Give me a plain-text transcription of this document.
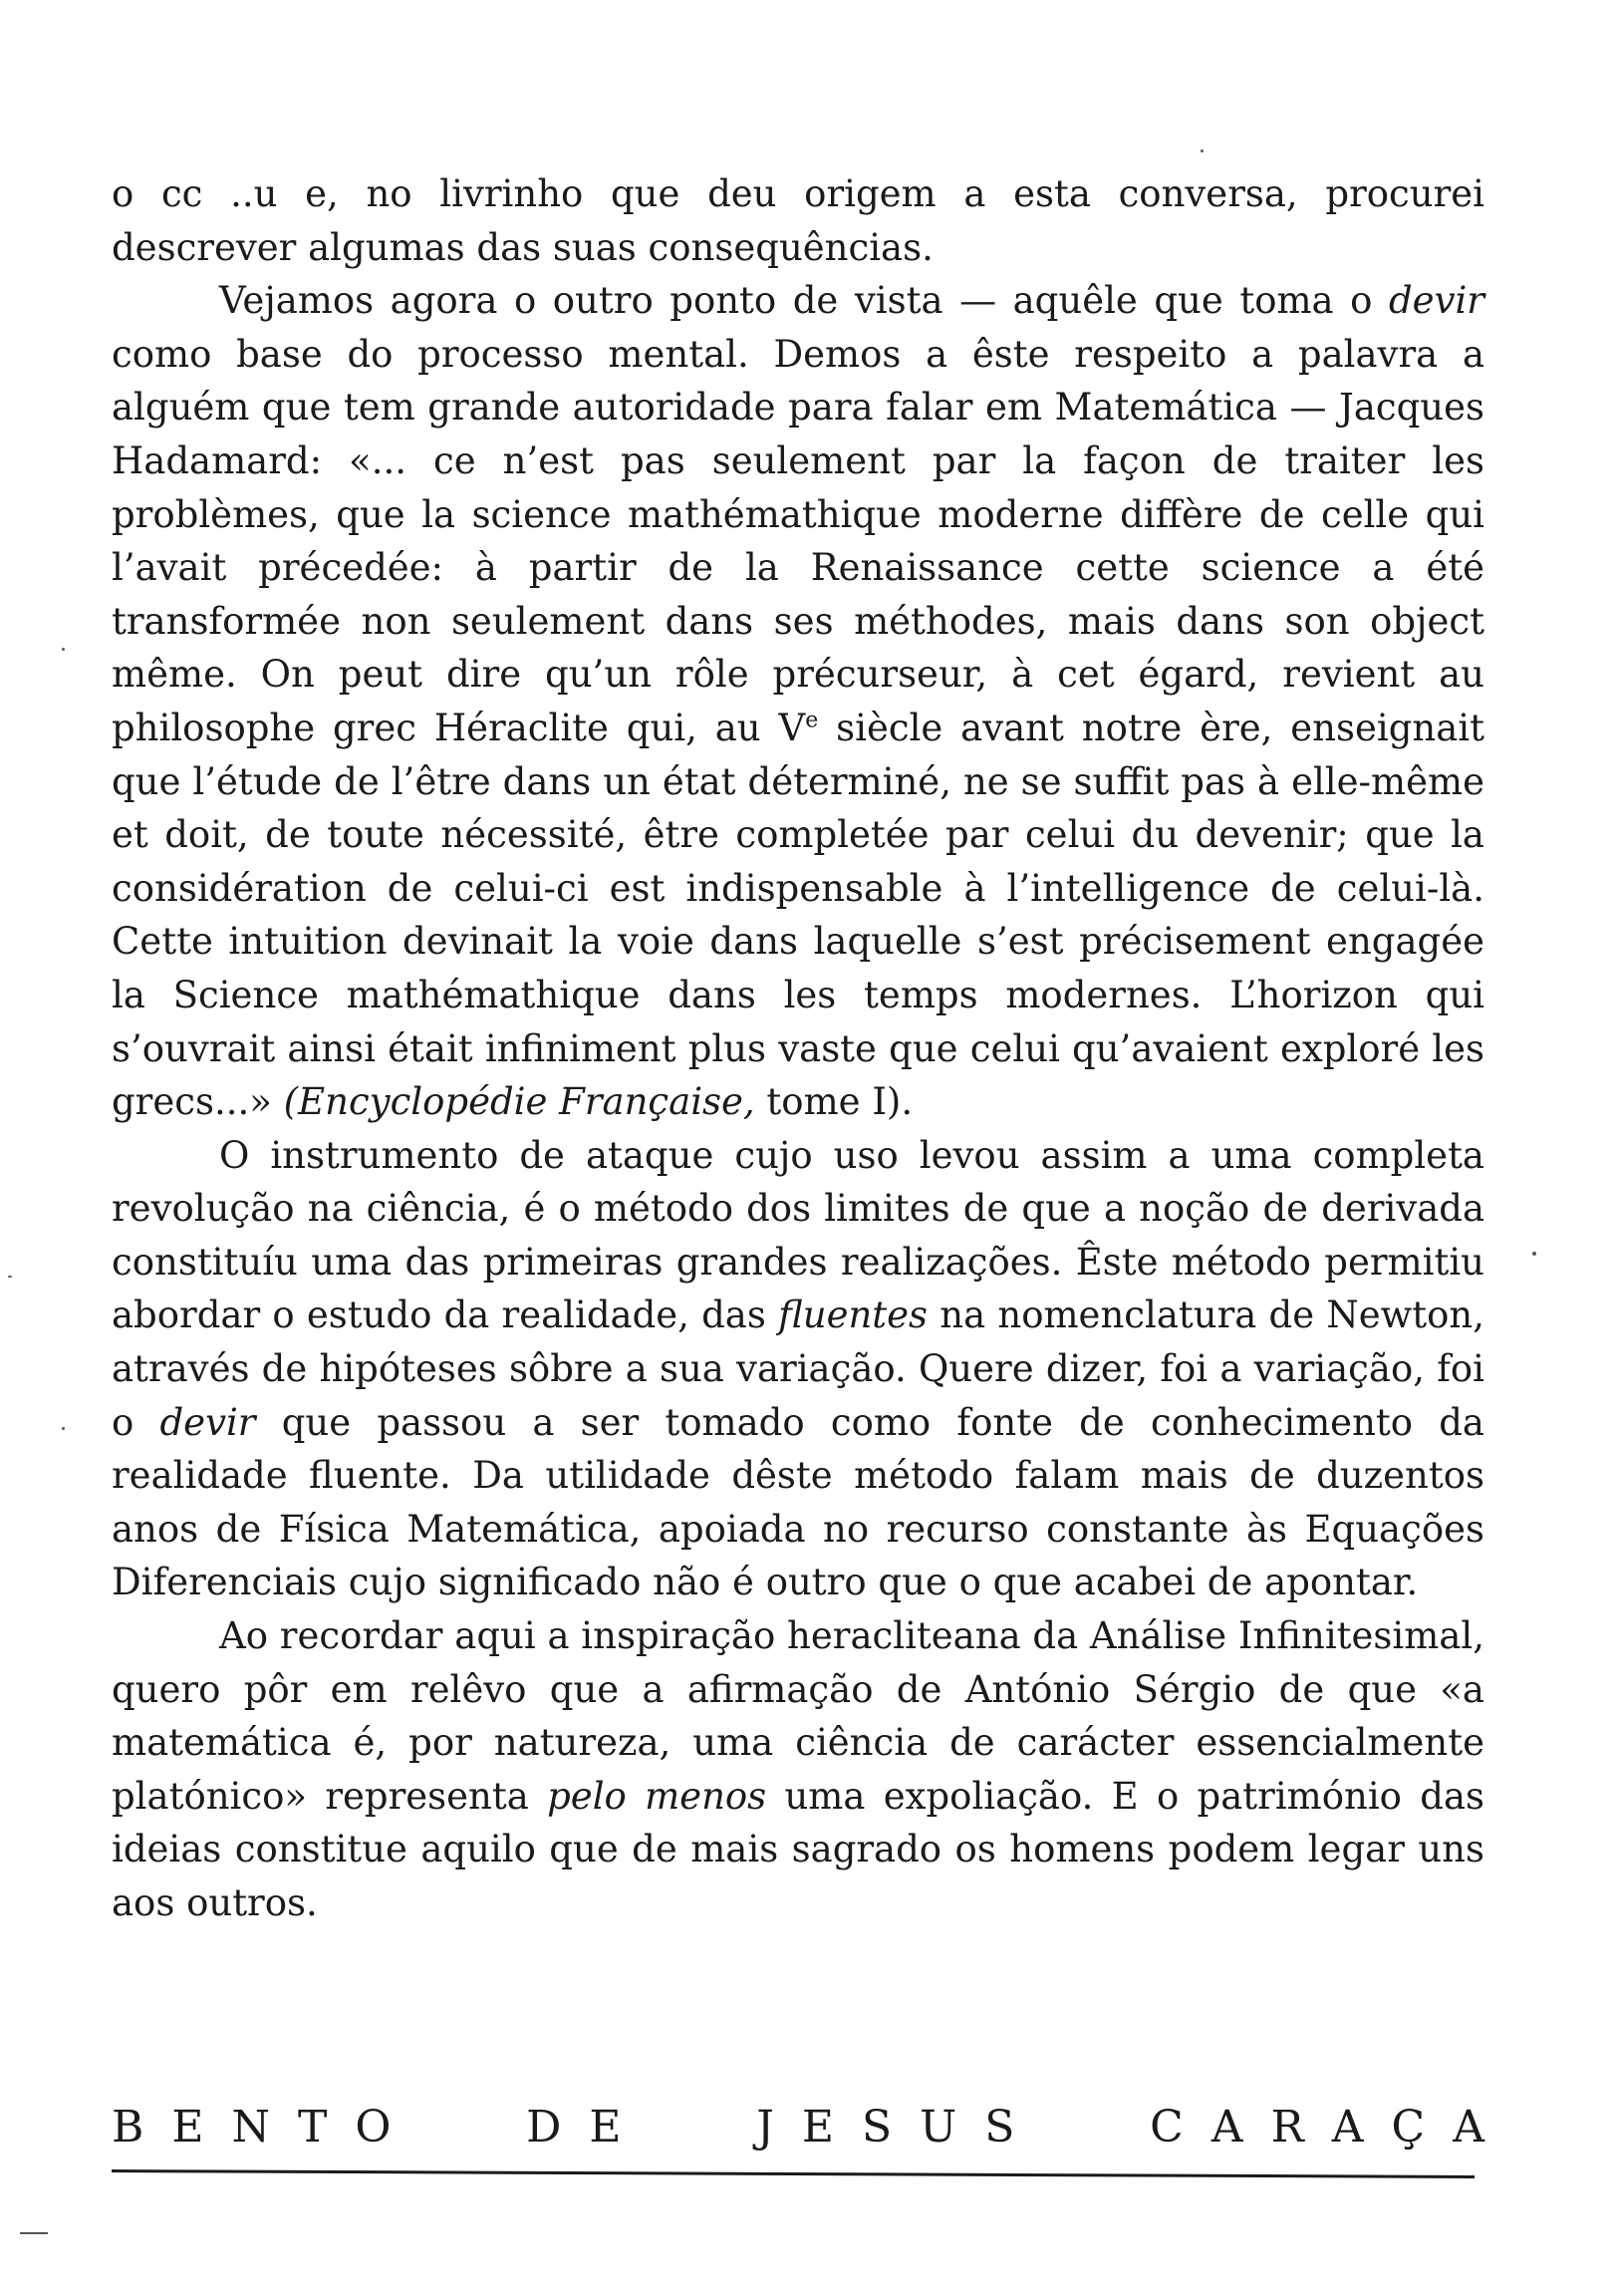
o cc ..u e, no livrinho que deu origem a esta conversa, procurei descrever algumas das suas consequências.

Vejamos agora o outro ponto de vista — aquêle que toma o devir como base do processo mental. Demos a êste respeito a palavra a alguém que tem grande autoridade para falar em Matemática — Jacques Hadamard: «... ce n’est pas seulement par la façon de traiter les problèmes, que la science mathémathique moderne diffère de celle qui l’avait précedée: à partir de la Renaissance cette science a été transformée non seulement dans ses méthodes, mais dans son object même. On peut dire qu’un rôle précurseur, à cet égard, revient au philosophe grec Héraclite qui, au Ve siècle avant notre ère, enseignait que l’étude de l’être dans un état déterminé, ne se suffit pas à elle-même et doit, de toute nécessité, être completée par celui du devenir; que la considération de celui-ci est indispensable à l’intelligence de celui-là. Cette intuition devinait la voie dans laquelle s’est précisement engagée la Science mathémathique dans les temps modernes. L’horizon qui s’ouvrait ainsi était infiniment plus vaste que celui qu’avaient exploré les grecs...» (Encyclopédie Française, tome I).

O instrumento de ataque cujo uso levou assim a uma completa revolução na ciência, é o método dos limites de que a noção de derivada constituíu uma das primeiras grandes realizações. Êste método permitiu abordar o estudo da realidade, das fluentes na nomenclatura de Newton, através de hipóteses sôbre a sua variação. Quere dizer, foi a variação, foi o devir que passou a ser tomado como fonte de conhecimento da realidade fluente. Da utilidade dêste método falam mais de duzentos anos de Física Matemática, apoiada no recurso constante às Equações Diferenciais cujo significado não é outro que o que acabei de apontar.

Ao recordar aqui a inspiração heracliteana da Análise Infinitesimal, quero pôr em relêvo que a afirmação de António Sérgio de que «a matemática é, por natureza, uma ciência de carácter essencialmente platónico» representa pelo menos uma expoliação. E o património das ideias constitue aquilo que de mais sagrado os homens podem legar uns aos outros.

B E N T O	D E	J E S U S	C A R A Ç A
